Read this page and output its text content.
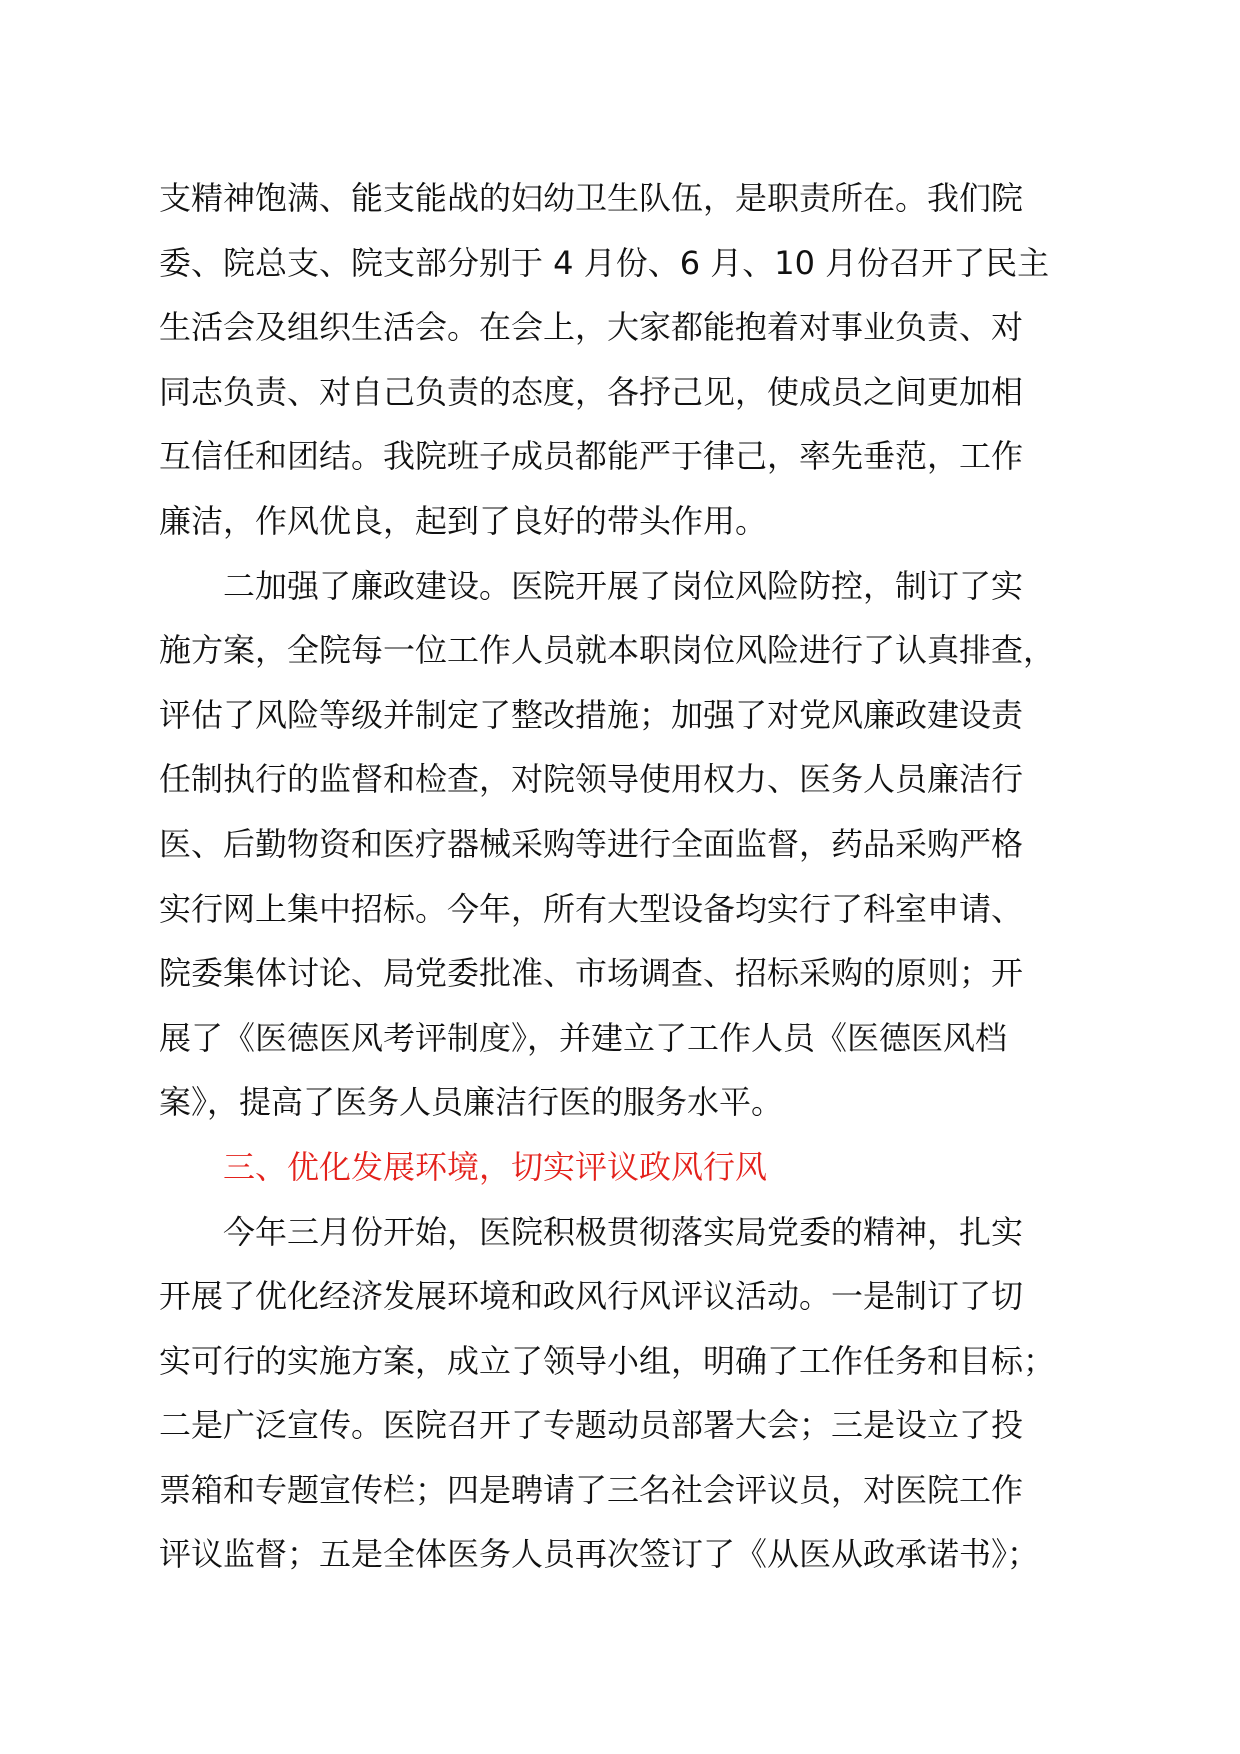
支精神饱满、能支能战的妇幼卫生队伍，是职责所在。我们院
委、院总支、院支部分别于 4 月份、6 月、10 月份召开了民主
生活会及组织生活会。在会上，大家都能抱着对事业负责、对
同志负责、对自己负责的态度，各抒己见，使成员之间更加相
互信任和团结。我院班子成员都能严于律己，率先垂范，工作
廉洁，作风优良，起到了良好的带头作用。
二加强了廉政建设。医院开展了岗位风险防控，制订了实
施方案，全院每一位工作人员就本职岗位风险进行了认真排查，
评估了风险等级并制定了整改措施；加强了对党风廉政建设责
任制执行的监督和检查，对院领导使用权力、医务人员廉洁行
医、后勤物资和医疗器械采购等进行全面监督，药品采购严格
实行网上集中招标。今年，所有大型设备均实行了科室申请、
院委集体讨论、局党委批准、市场调查、招标采购的原则；开
展了《医德医风考评制度》，并建立了工作人员《医德医风档
案》，提高了医务人员廉洁行医的服务水平。
三、优化发展环境，切实评议政风行风
今年三月份开始，医院积极贯彻落实局党委的精神，扎实
开展了优化经济发展环境和政风行风评议活动。一是制订了切
实可行的实施方案，成立了领导小组，明确了工作任务和目标；
二是广泛宣传。医院召开了专题动员部署大会；三是设立了投
票箱和专题宣传栏；四是聘请了三名社会评议员，对医院工作
评议监督；五是全体医务人员再次签订了《从医从政承诺书》；
